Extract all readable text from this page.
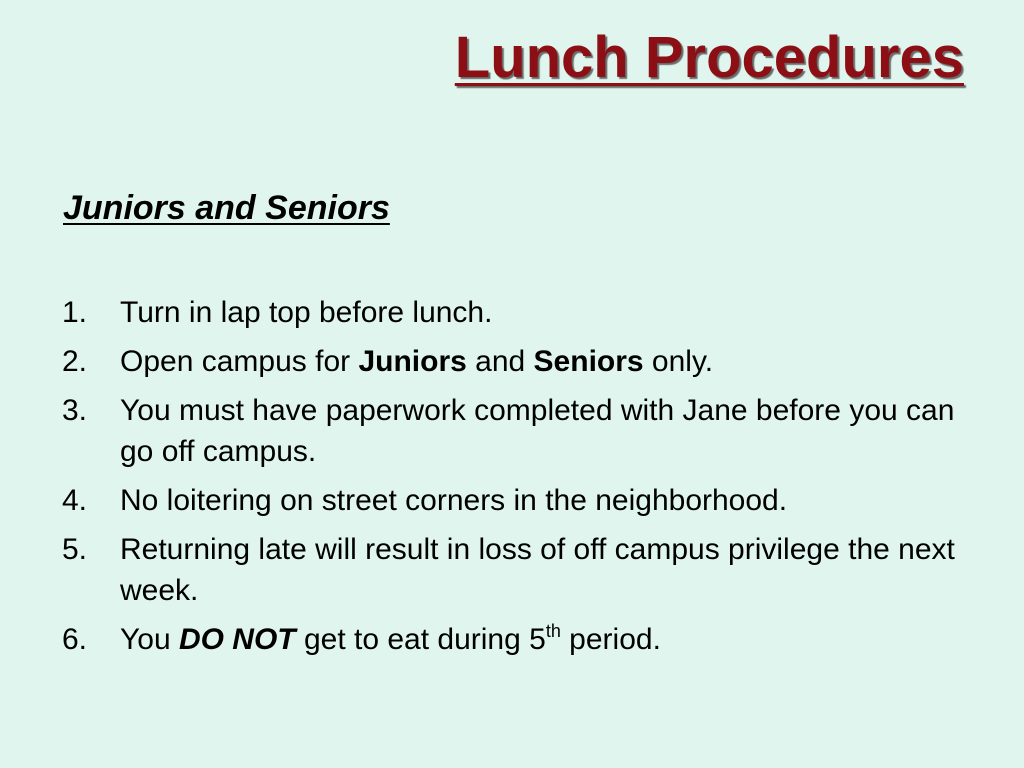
Lunch Procedures
Juniors and Seniors
1.	Turn in lap top before lunch.
2.	Open campus for Juniors and Seniors only.
3.	You must have paperwork completed with Jane before you can go off campus.
4.	No loitering on street corners in the neighborhood.
5.	Returning late will result in loss of off campus privilege the next week.
6.	You DO NOT get to eat during 5th period.
